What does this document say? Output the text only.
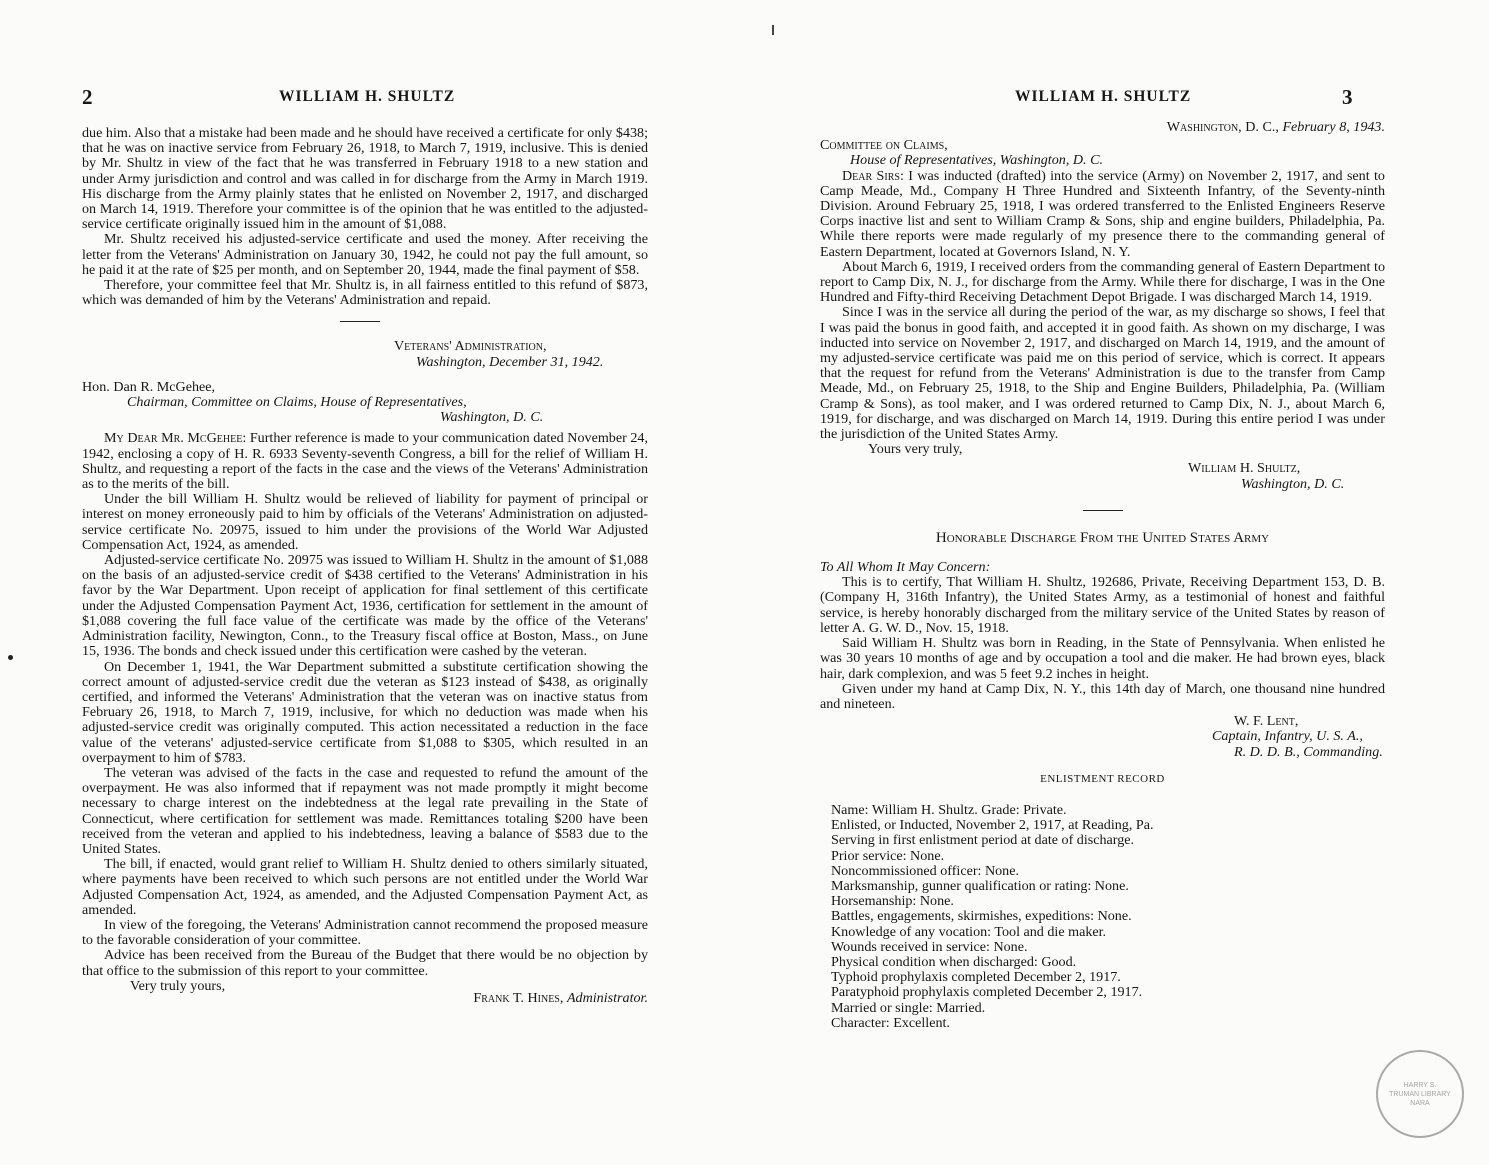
2	WILLIAM H. SHULTZ

due him. Also that a mistake had been made and he should have received a certificate for only $438; that he was on inactive service from February 26, 1918, to March 7, 1919, inclusive. This is denied by Mr. Shultz in view of the fact that he was transferred in February 1918 to a new station and under Army jurisdiction and control and was called in for discharge from the Army in March 1919. His discharge from the Army plainly states that he enlisted on November 2, 1917, and discharged on March 14, 1919. Therefore your committee is of the opinion that he was entitled to the adjusted-service certificate originally issued him in the amount of $1,088.

Mr. Shultz received his adjusted-service certificate and used the money. After receiving the letter from the Veterans' Administration on January 30, 1942, he could not pay the full amount, so he paid it at the rate of $25 per month, and on September 20, 1944, made the final payment of $58.

Therefore, your committee feel that Mr. Shultz is, in all fairness entitled to this refund of $873, which was demanded of him by the Veterans' Administration and repaid.

Veterans' Administration,
Washington, December 31, 1942.
Hon. Dan R. McGehee,
Chairman, Committee on Claims, House of Representatives,
Washington, D. C.

My Dear Mr. McGehee: Further reference is made to your communication dated November 24, 1942, enclosing a copy of H. R. 6933 Seventy-seventh Congress, a bill for the relief of William H. Shultz, and requesting a report of the facts in the case and the views of the Veterans' Administration as to the merits of the bill.

Under the bill William H. Shultz would be relieved of liability for payment of principal or interest on money erroneously paid to him by officials of the Veterans' Administration on adjusted-service certificate No. 20975, issued to him under the provisions of the World War Adjusted Compensation Act, 1924, as amended.

Adjusted-service certificate No. 20975 was issued to William H. Shultz in the amount of $1,088 on the basis of an adjusted-service credit of $438 certified to the Veterans' Administration in his favor by the War Department. Upon receipt of application for final settlement of this certificate under the Adjusted Compensation Payment Act, 1936, certification for settlement in the amount of $1,088 covering the full face value of the certificate was made by the office of the Veterans' Administration facility, Newington, Conn., to the Treasury fiscal office at Boston, Mass., on June 15, 1936. The bonds and check issued under this certification were cashed by the veteran.

On December 1, 1941, the War Department submitted a substitute certification showing the correct amount of adjusted-service credit due the veteran as $123 instead of $438, as originally certified, and informed the Veterans' Administration that the veteran was on inactive status from February 26, 1918, to March 7, 1919, inclusive, for which no deduction was made when his adjusted-service credit was originally computed. This action necessitated a reduction in the face value of the veterans' adjusted-service certificate from $1,088 to $305, which resulted in an overpayment to him of $783.

The veteran was advised of the facts in the case and requested to refund the amount of the overpayment. He was also informed that if repayment was not made promptly it might become necessary to charge interest on the indebtedness at the legal rate prevailing in the State of Connecticut, where certification for settlement was made. Remittances totaling $200 have been received from the veteran and applied to his indebtedness, leaving a balance of $583 due to the United States.

The bill, if enacted, would grant relief to William H. Shultz denied to others similarly situated, where payments have been received to which such persons are not entitled under the World War Adjusted Compensation Act, 1924, as amended, and the Adjusted Compensation Payment Act, as amended.

In view of the foregoing, the Veterans' Administration cannot recommend the proposed measure to the favorable consideration of your committee.

Advice has been received from the Bureau of the Budget that there would be no objection by that office to the submission of this report to your committee.

Very truly yours,
Frank T. Hines, Administrator.
WILLIAM H. SHULTZ	3
Washington, D. C., February 8, 1943.
Committee on Claims,
House of Representatives, Washington, D. C.

Dear Sirs: I was inducted (drafted) into the service (Army) on November 2, 1917, and sent to Camp Meade, Md., Company H Three Hundred and Sixteenth Infantry, of the Seventy-ninth Division. Around February 25, 1918, I was ordered transferred to the Enlisted Engineers Reserve Corps inactive list and sent to William Cramp & Sons, ship and engine builders, Philadelphia, Pa. While there reports were made regularly of my presence there to the commanding general of Eastern Department, located at Governors Island, N. Y.

About March 6, 1919, I received orders from the commanding general of Eastern Department to report to Camp Dix, N. J., for discharge from the Army. While there for discharge, I was in the One Hundred and Fifty-third Receiving Detachment Depot Brigade. I was discharged March 14, 1919.

Since I was in the service all during the period of the war, as my discharge so shows, I feel that I was paid the bonus in good faith, and accepted it in good faith. As shown on my discharge, I was inducted into service on November 2, 1917, and discharged on March 14, 1919, and the amount of my adjusted-service certificate was paid me on this period of service, which is correct. It appears that the request for refund from the Veterans' Administration is due to the transfer from Camp Meade, Md., on February 25, 1918, to the Ship and Engine Builders, Philadelphia, Pa. (William Cramp & Sons), as tool maker, and I was ordered returned to Camp Dix, N. J., about March 6, 1919, for discharge, and was discharged on March 14, 1919. During this entire period I was under the jurisdiction of the United States Army.

Yours very truly,
William H. Shultz,
Washington, D. C.
Honorable Discharge From the United States Army
To All Whom It May Concern:

This is to certify, That William H. Shultz, 192686, Private, Receiving Department 153, D. B. (Company H, 316th Infantry), the United States Army, as a testimonial of honest and faithful service, is hereby honorably discharged from the military service of the United States by reason of letter A. G. W. D., Nov. 15, 1918.

Said William H. Shultz was born in Reading, in the State of Pennsylvania. When enlisted he was 30 years 10 months of age and by occupation a tool and die maker. He had brown eyes, black hair, dark complexion, and was 5 feet 9.2 inches in height.

Given under my hand at Camp Dix, N. Y., this 14th day of March, one thousand nine hundred and nineteen.

W. F. Lent,
Captain, Infantry, U. S. A.,
R. D. D. B., Commanding.
ENLISTMENT RECORD
Name: William H. Shultz. Grade: Private.
Enlisted, or Inducted, November 2, 1917, at Reading, Pa.
Serving in first enlistment period at date of discharge.
Prior service: None.
Noncommissioned officer: None.
Marksmanship, gunner qualification or rating: None.
Horsemanship: None.
Battles, engagements, skirmishes, expeditions: None.
Knowledge of any vocation: Tool and die maker.
Wounds received in service: None.
Physical condition when discharged: Good.
Typhoid prophylaxis completed December 2, 1917.
Paratyphoid prophylaxis completed December 2, 1917.
Married or single: Married.
Character: Excellent.
HARRY S. TRUMAN LIBRARY NARA
